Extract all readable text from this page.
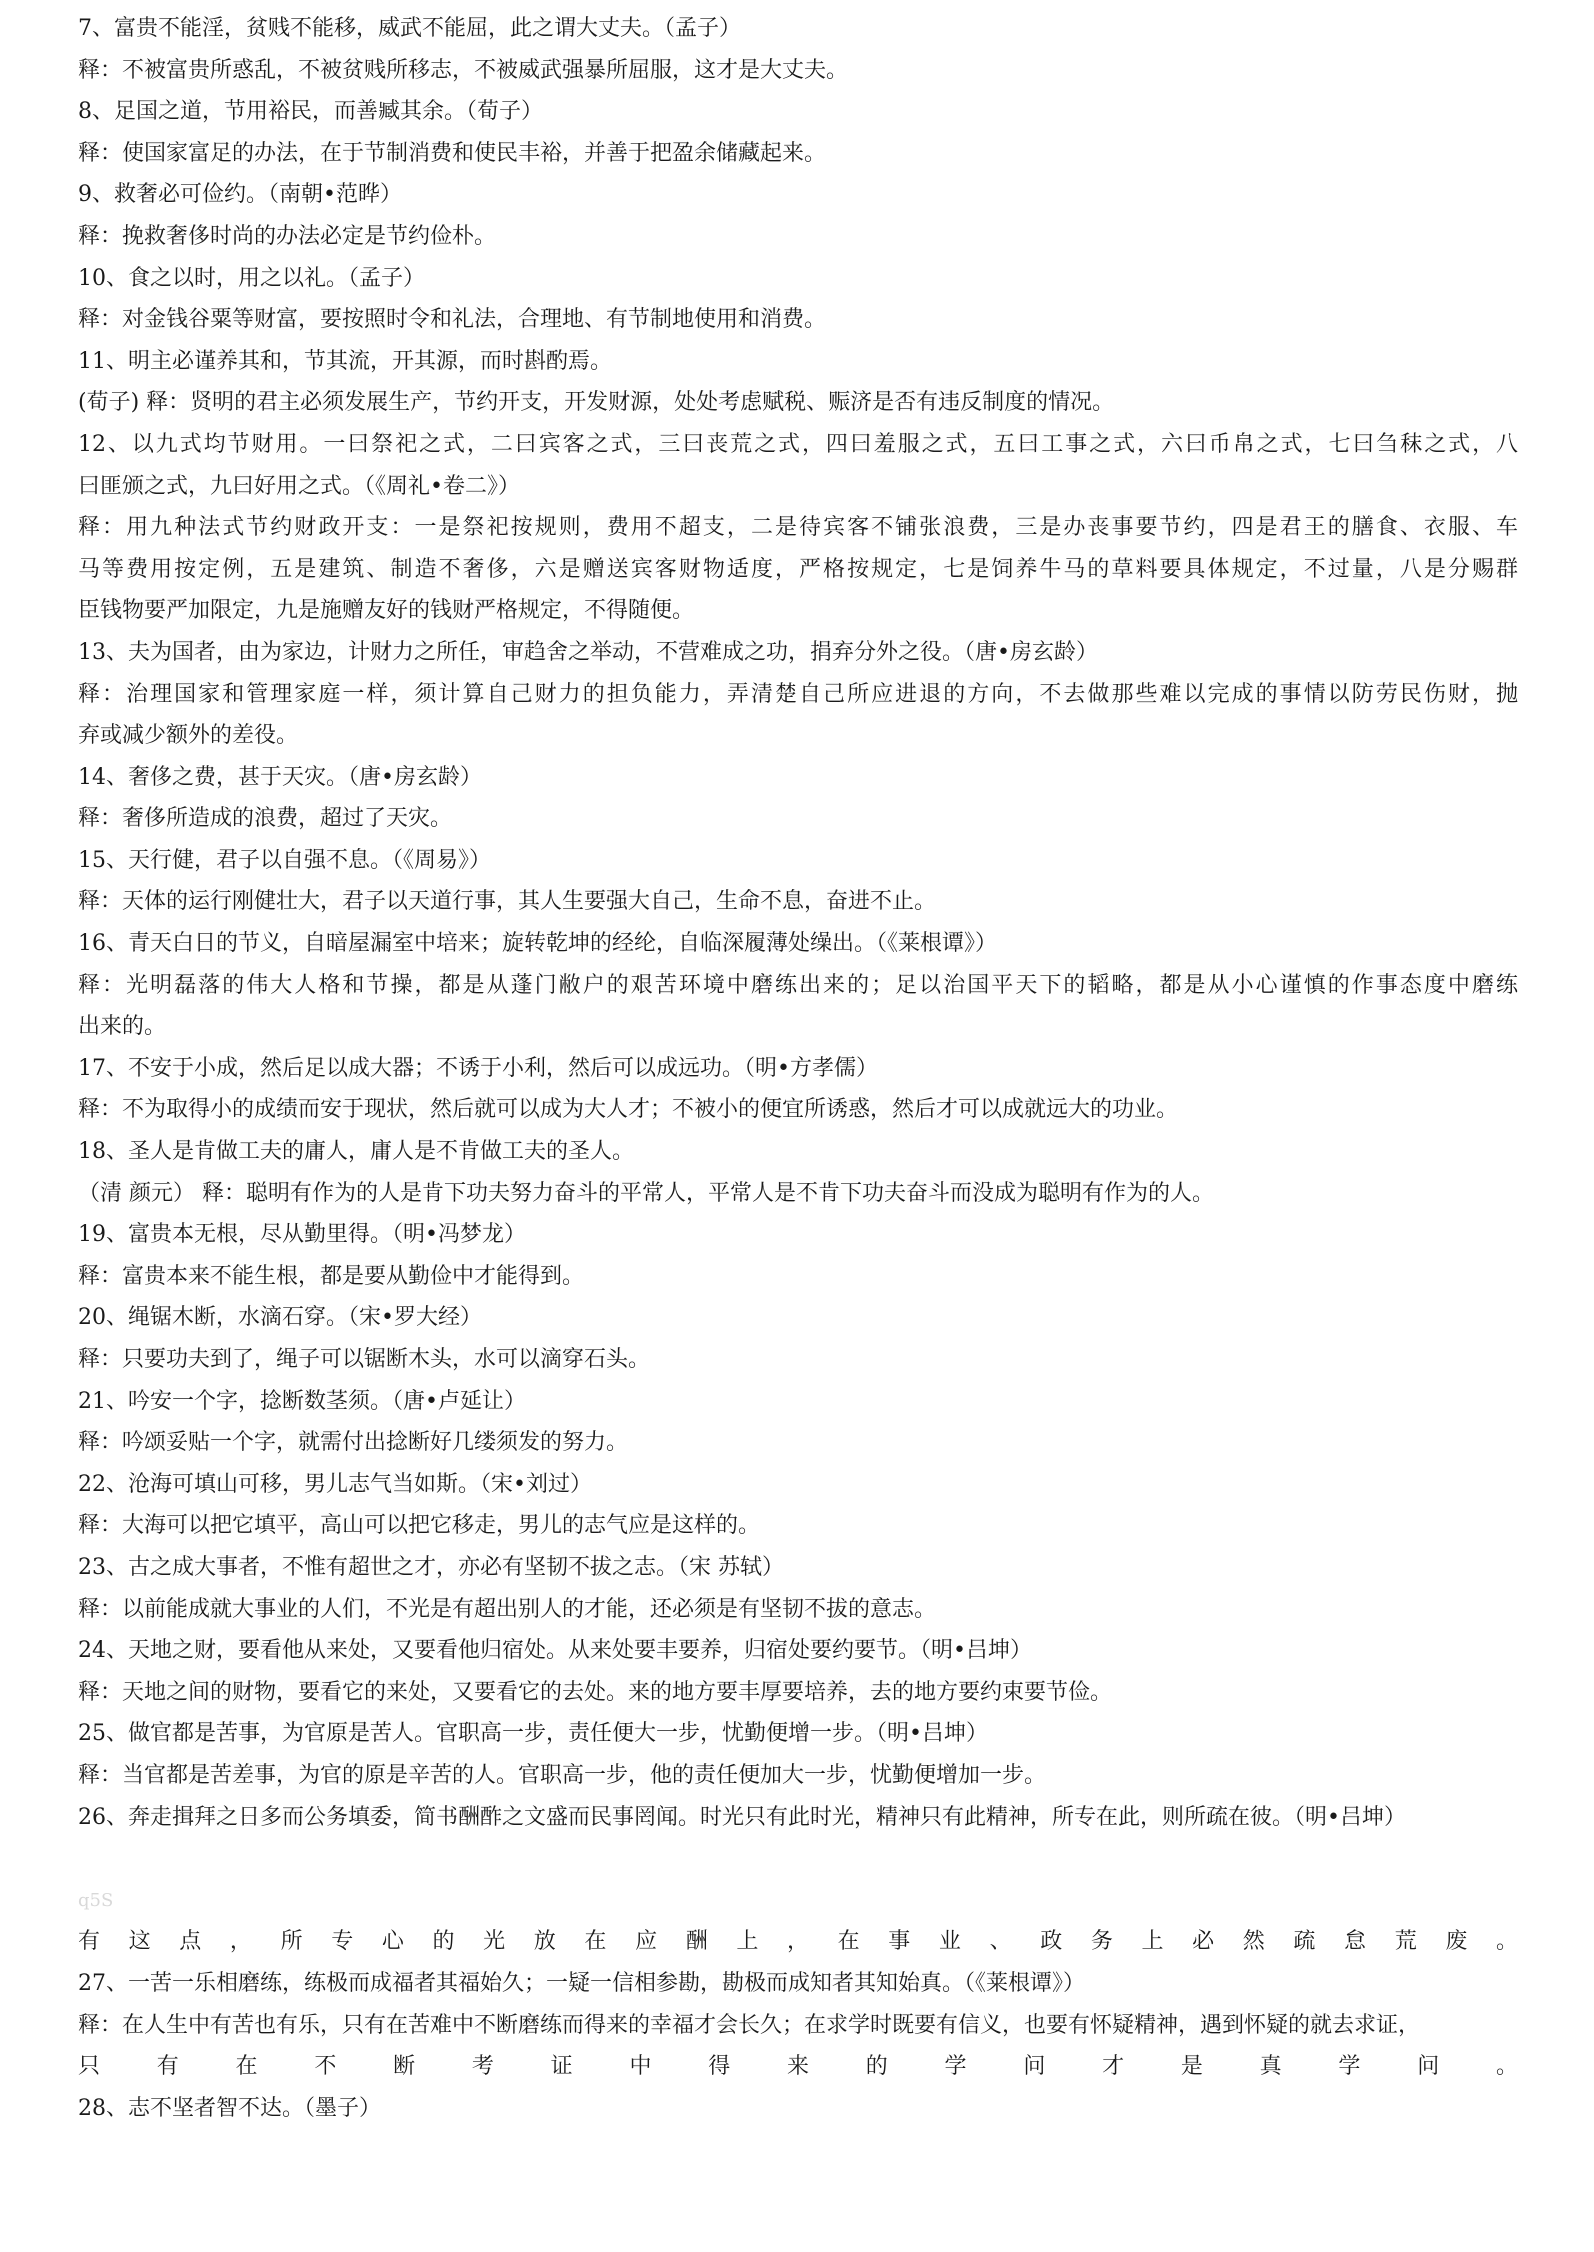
7、富贵不能淫，贫贱不能移，威武不能屈，此之谓大丈夫。（孟子）
释：不被富贵所惑乱，不被贫贱所移志，不被威武强暴所屈服，这才是大丈夫。
8、足国之道，节用裕民，而善臧其余。（荀子）
释：使国家富足的办法，在于节制消费和使民丰裕，并善于把盈余储藏起来。
9、救奢必可俭约。（南朝•范晔）
释：挽救奢侈时尚的办法必定是节约俭朴。
10、食之以时，用之以礼。（孟子）
释：对金钱谷粟等财富，要按照时令和礼法，合理地、有节制地使用和消费。
11、明主必谨养其和，节其流，开其源，而时斟酌焉。
(荀子) 释：贤明的君主必须发展生产，节约开支，开发财源，处处考虑赋税、赈济是否有违反制度的情况。
12、以九式均节财用。一曰祭祀之式，二曰宾客之式，三曰丧荒之式，四曰羞服之式，五曰工事之式，六曰币帛之式，七曰刍秣之式，八
曰匪颁之式，九曰好用之式。（《周礼•卷二》）
释：用九种法式节约财政开支：一是祭祀按规则，费用不超支，二是待宾客不铺张浪费，三是办丧事要节约，四是君王的膳食、衣服、车
马等费用按定例，五是建筑、制造不奢侈，六是赠送宾客财物适度，严格按规定，七是饲养牛马的草料要具体规定，不过量，八是分赐群
臣钱物要严加限定，九是施赠友好的钱财严格规定，不得随便。
13、夫为国者，由为家边，计财力之所任，审趋舍之举动，不营难成之功，捐弃分外之役。（唐•房玄龄）
释：治理国家和管理家庭一样，须计算自己财力的担负能力，弄清楚自己所应进退的方向，不去做那些难以完成的事情以防劳民伤财，抛
弃或减少额外的差役。
14、奢侈之费，甚于天灾。（唐•房玄龄）
释：奢侈所造成的浪费，超过了天灾。
15、天行健，君子以自强不息。（《周易》）
释：天体的运行刚健壮大，君子以天道行事，其人生要强大自己，生命不息，奋进不止。
16、青天白日的节义，自暗屋漏室中培来；旋转乾坤的经纶，自临深履薄处缲出。（《莱根谭》）
释：光明磊落的伟大人格和节操，都是从蓬门敝户的艰苦环境中磨练出来的；足以治国平天下的韬略，都是从小心谨慎的作事态度中磨练
出来的。
17、不安于小成，然后足以成大器；不诱于小利，然后可以成远功。（明•方孝儒）
释：不为取得小的成绩而安于现状，然后就可以成为大人才；不被小的便宜所诱惑，然后才可以成就远大的功业。
18、圣人是肯做工夫的庸人，庸人是不肯做工夫的圣人。
（清 颜元） 释：聪明有作为的人是肯下功夫努力奋斗的平常人，平常人是不肯下功夫奋斗而没成为聪明有作为的人。
19、富贵本无根，尽从勤里得。（明•冯梦龙）
释：富贵本来不能生根，都是要从勤俭中才能得到。
20、绳锯木断，水滴石穿。（宋•罗大经）
释：只要功夫到了，绳子可以锯断木头，水可以滴穿石头。
21、吟安一个字，捻断数茎须。（唐•卢延让）
释：吟颂妥贴一个字，就需付出捻断好几缕须发的努力。
22、沧海可填山可移，男儿志气当如斯。（宋•刘过）
释：大海可以把它填平，高山可以把它移走，男儿的志气应是这样的。
23、古之成大事者，不惟有超世之才，亦必有坚韧不拔之志。（宋 苏轼）
释：以前能成就大事业的人们，不光是有超出别人的才能，还必须是有坚韧不拔的意志。
24、天地之财，要看他从来处，又要看他归宿处。从来处要丰要养，归宿处要约要节。（明•吕坤）
释：天地之间的财物，要看它的来处，又要看它的去处。来的地方要丰厚要培养，去的地方要约束要节俭。
25、做官都是苦事，为官原是苦人。官职高一步，责任便大一步，忧勤便增一步。（明•吕坤）
释：当官都是苦差事，为官的原是辛苦的人。官职高一步，他的责任便加大一步，忧勤便增加一步。
26、奔走揖拜之日多而公务填委，简书酬酢之文盛而民事罔闻。时光只有此时光，精神只有此精神，所专在此，则所疏在彼。（明•吕坤）
q5S
有这点，所专心的光放在应酬上，在事业、政务上必然疏怠荒废。
27、一苦一乐相磨练，练极而成福者其福始久；一疑一信相参勘，勘极而成知者其知始真。（《莱根谭》）
释：在人生中有苦也有乐，只有在苦难中不断磨练而得来的幸福才会长久；在求学时既要有信义，也要有怀疑精神，遇到怀疑的就去求证，
只有在不断考证中得来的学问才是真学问。
28、志不坚者智不达。（墨子）
